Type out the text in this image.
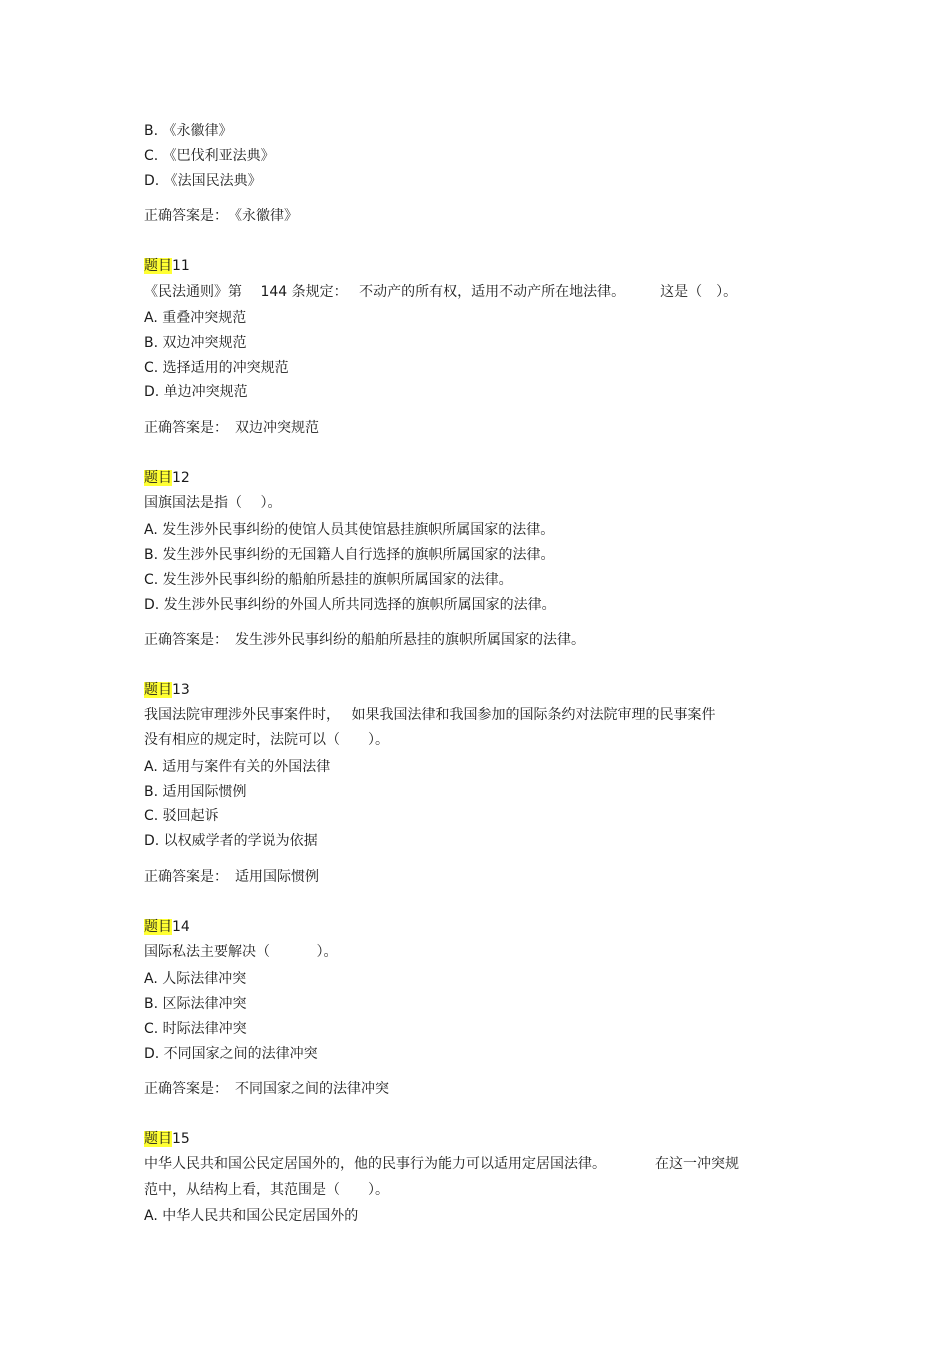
B. 《永徽律》
C. 《巴伐利亚法典》
D. 《法国民法典》
正确答案是：　《永徽律》
题目11
《民法通则》第　 144 条规定：　 不动产的所有权，适用不动产所在地法律。　　　这是（　）。
A. 重叠冲突规范
B. 双边冲突规范
C. 选择适用的冲突规范
D. 单边冲突规范
正确答案是：　双边冲突规范
题目12
国旗国法是指（　 ）。
A. 发生涉外民事纠纷的使馆人员其使馆悬挂旗帜所属国家的法律。
B. 发生涉外民事纠纷的无国籍人自行选择的旗帜所属国家的法律。
C. 发生涉外民事纠纷的船舶所悬挂的旗帜所属国家的法律。
D. 发生涉外民事纠纷的外国人所共同选择的旗帜所属国家的法律。
正确答案是：　发生涉外民事纠纷的船舶所悬挂的旗帜所属国家的法律。
题目13
我国法院审理涉外民事案件时，　 如果我国法律和我国参加的国际条约对法院审理的民事案件
没有相应的规定时，法院可以（　　）。
A. 适用与案件有关的外国法律
B. 适用国际惯例
C. 驳回起诉
D. 以权威学者的学说为依据
正确答案是：　适用国际惯例
题目14
国际私法主要解决（　　　 ）。
A. 人际法律冲突
B. 区际法律冲突
C. 时际法律冲突
D. 不同国家之间的法律冲突
正确答案是：　不同国家之间的法律冲突
题目15
中华人民共和国公民定居国外的，他的民事行为能力可以适用定居国法律。　　　　在这一冲突规
范中，从结构上看，其范围是（　　）。
A. 中华人民共和国公民定居国外的
